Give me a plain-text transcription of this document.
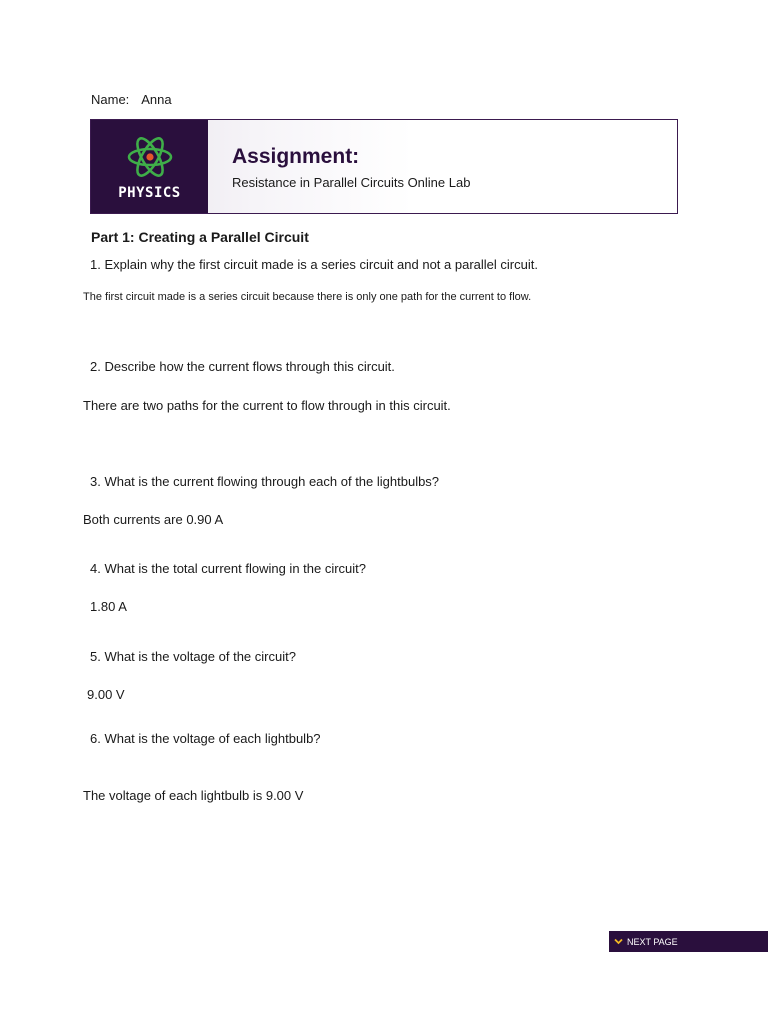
Name: Anna
PHYSICS
Assignment:
Resistance in Parallel Circuits Online Lab
Part 1: Creating a Parallel Circuit
1. Explain why the first circuit made is a series circuit and not a parallel circuit.
The first circuit made is a series circuit because there is only one path for the current to flow.
2. Describe how the current flows through this circuit.
There are two paths for the current to flow through in this circuit.
3. What is the current flowing through each of the lightbulbs?
Both currents are 0.90 A
4. What is the total current flowing in the circuit?
1.80 A
5. What is the voltage of the circuit?
9.00 V
6. What is the voltage of each lightbulb?
The voltage of each lightbulb is 9.00 V
NEXT PAGE
